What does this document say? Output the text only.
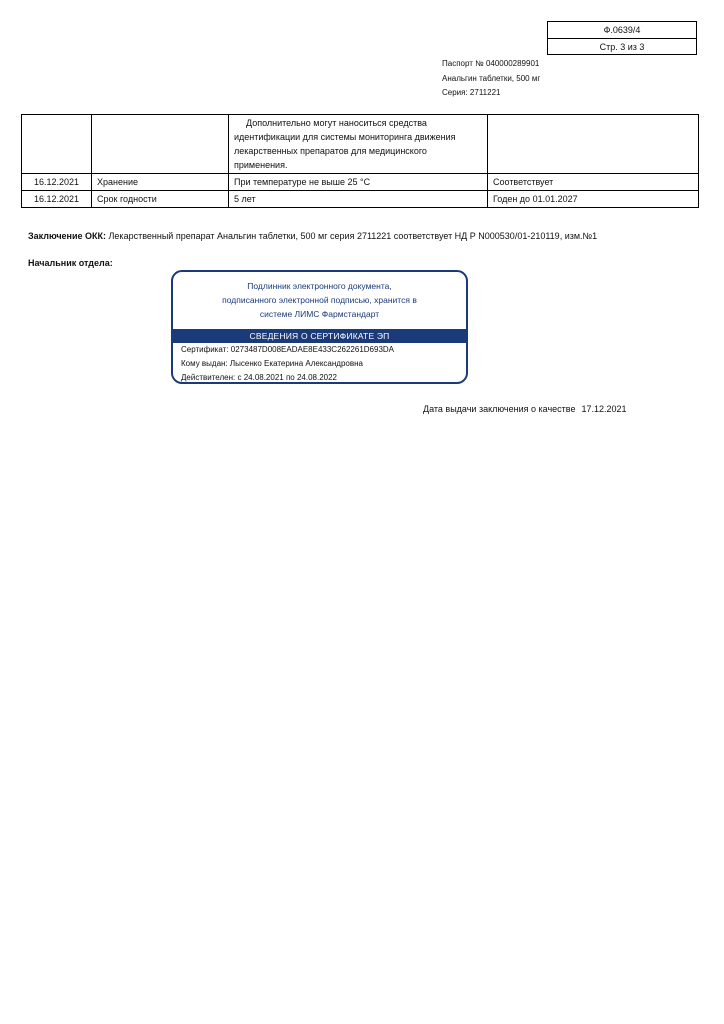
Ф.0639/4
Стр. 3 из 3
Паспорт № 040000289901
Анальгин таблетки, 500 мг
Серия: 2711221
		Дополнительно могут наноситься средства идентификации для системы мониторинга движения лекарственных препаратов для медицинского применения.	
16.12.2021	Хранение	При температуре не выше 25 °С	Соответствует
16.12.2021	Срок годности	5 лет	Годен до 01.01.2027
Заключение ОКК: Лекарственный препарат Анальгин таблетки, 500 мг серия 2711221 соответствует НД Р N000530/01-210119, изм.№1
Начальник отдела:
Подлинник электронного документа,
подписанного электронной подписью, хранится в
системе ЛИМС Фармстандарт
СВЕДЕНИЯ О СЕРТИФИКАТЕ ЭП
Сертификат: 0273487D008EADAE8E433C262261D693DA
Кому выдан: Лысенко Екатерина Александровна
Действителен: с 24.08.2021 по 24.08.2022
Дата выдачи заключения о качестве 17.12.2021
